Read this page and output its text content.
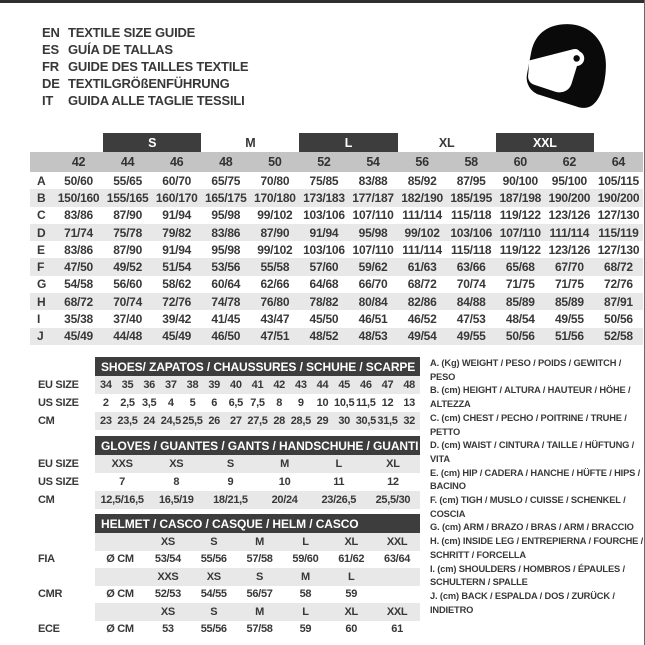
EN TEXTILE SIZE GUIDE
ES GUÍA DE TALLAS
FR GUIDE DES TAILLES TEXTILE
DE TEXTILGRÖßENFÜHRUNG
IT	GUIDA ALLE TAGLIE TESSILI
S	M	L	XL	XXL
42	44	46	48	50	52	54	56	58	60	62	64
A	50/60	55/65	60/70	65/75	70/80	75/85	83/88	85/92	87/95	90/100	95/100 105/115
B	150/160 155/165 160/170 165/175 170/180 173/183 177/187 182/190 185/195 187/198 190/200 190/200
C	83/86	87/90	91/94	95/98	99/102 103/106 107/110 111/114 115/118 119/122 123/126 127/130
D	71/74	75/78	79/82	83/86	87/90	91/94	95/98	99/102 103/106 107/110 111/114 115/119
E	83/86	87/90	91/94	95/98	99/102 103/106 107/110 111/114 115/118 119/122 123/126 127/130
F	47/50	49/52	51/54	53/56	55/58	57/60	59/62	61/63	63/66	65/68	67/70	68/72
G	54/58	56/60	58/62	60/64	62/66	64/68	66/70	68/72	70/74	71/75	71/75	72/76
H	68/72	70/74	72/76	74/78	76/80	78/82	80/84	82/86	84/88	85/89	85/89	87/91
I	35/38	37/40	39/42	41/45	43/47	45/50	46/51	46/52	47/53	48/54	49/55	50/56
J	45/49	44/48	45/49	46/50	47/51	48/52	48/53	49/54	49/55	50/56	51/56	52/58
SHOES/ ZAPATOS / CHAUSSURES / SCHUHE / SCARPE
EU SIZE	34 35 36 37 38 39 40 41 42 43 44 45 46 47 48
US SIZE	2	2,5 3,5	4	5	6	6,5 7,5	8	9	10 10,5 11,5 12 13
CM	23 23,5 24 24,5 25,5 26 27 27,5 28 28,5 29 30 30,5 31,5 32
GLOVES / GUANTES / GANTS / HANDSCHUHE / GUANTI
EU SIZE	XXS	XS	S	M	L	XL
US SIZE	7	8	9	10	11	12
CM	12,5/16,5	16,5/19	18/21,5	20/24	23/26,5	25,5/30
HELMET / CASCO / CASQUE / HELM / CASCO
XS	S	M	L	XL	XXL
FIA	Ø CM	53/54	55/56	57/58	59/60	61/62	63/64
XXS	XS	S	M	L
CMR	Ø CM	52/53	54/55	56/57	58	59
XS	S	M	L	XL	XXL
ECE	Ø CM	53	55/56	57/58	59	60	61
A. (Kg) WEIGHT / PESO / POIDS / GEWITCH / PESO
B. (cm) HEIGHT / ALTURA / HAUTEUR / HÖHE / ALTEZZA
C. (cm) CHEST / PECHO / POITRINE / TRUHE / PETTO
D. (cm) WAIST / CINTURA / TAILLE / HÜFTUNG / VITA
E. (cm) HIP / CADERA / HANCHE / HÜFTE / HIPS / BACINO
F. (cm) TIGH / MUSLO / CUISSE / SCHENKEL / COSCIA
G. (cm) ARM / BRAZO / BRAS / ARM / BRACCIO
H. (cm) INSIDE LEG / ENTREPIERNA / FOURCHE / SCHRITT / FORCELLA
I. (cm) SHOULDERS / HOMBROS / ÉPAULES / SCHULTERN / SPALLE
J. (cm) BACK / ESPALDA / DOS / ZURÜCK / INDIETRO
